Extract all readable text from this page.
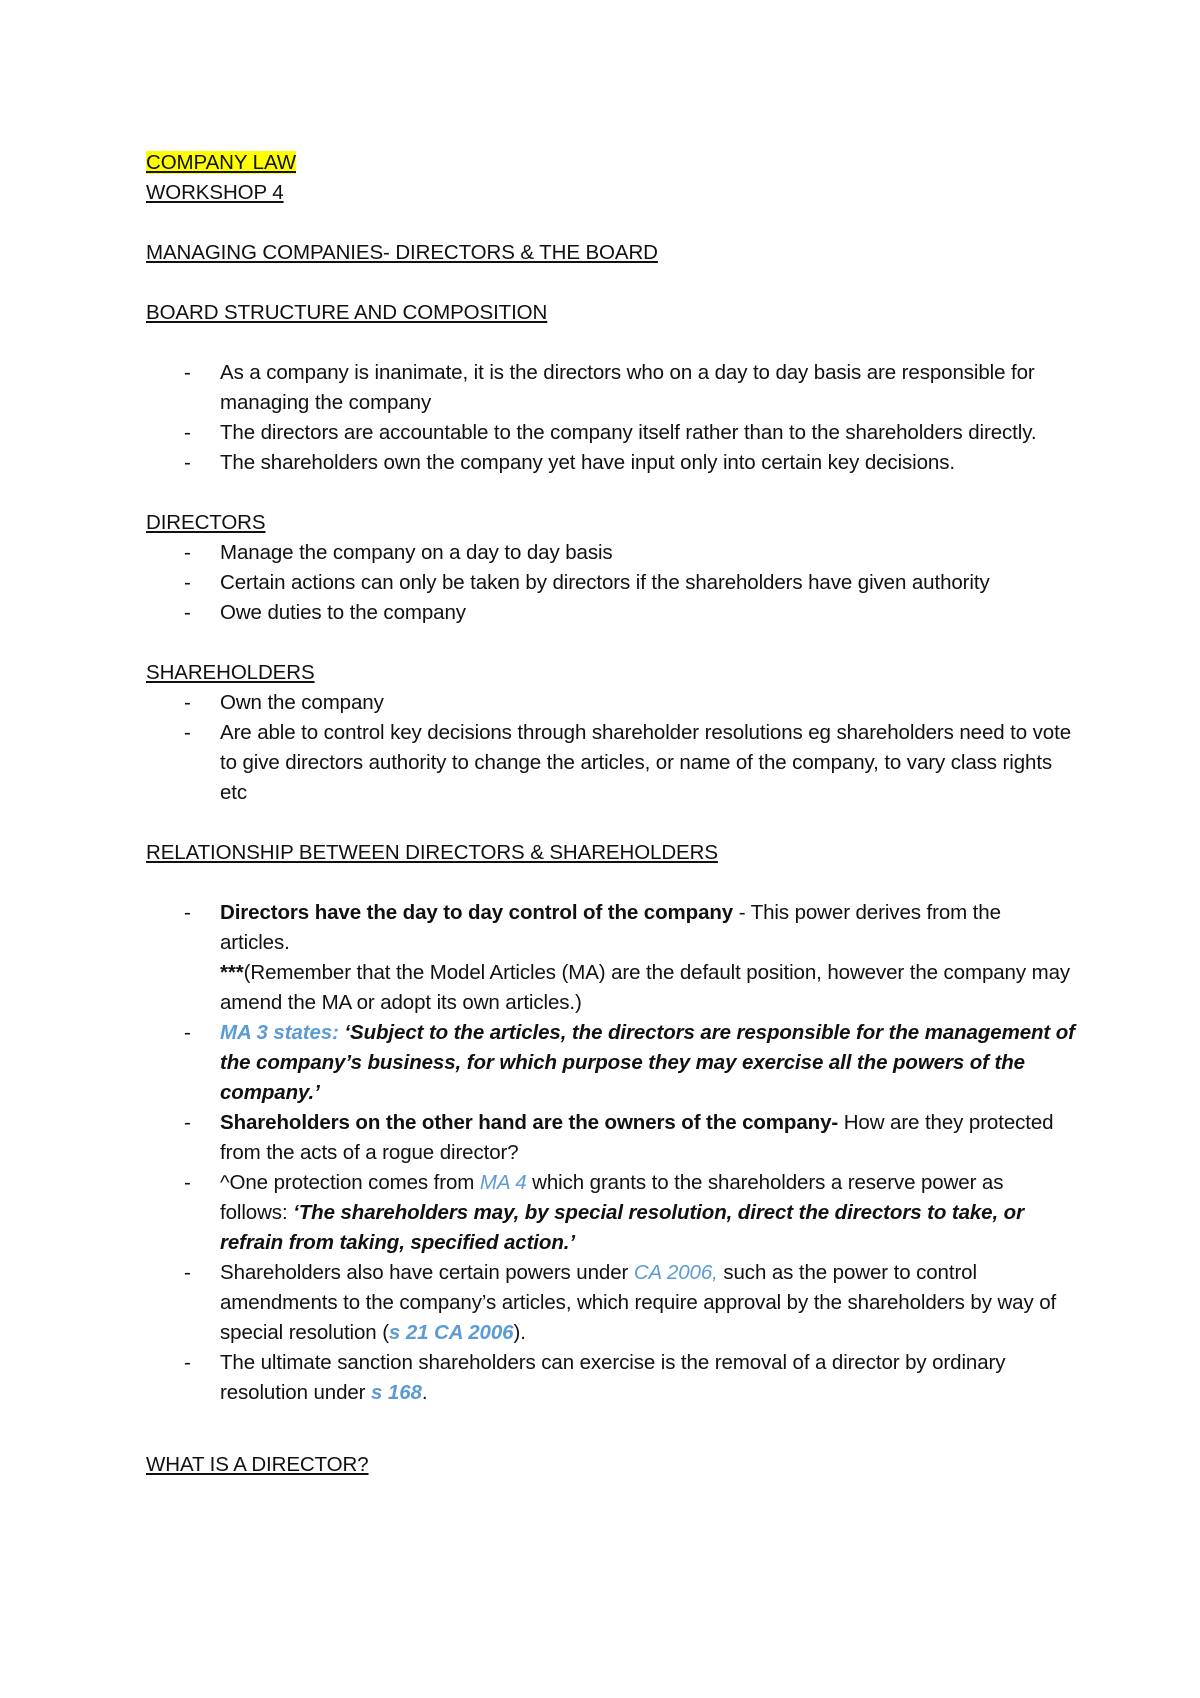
COMPANY LAW
WORKSHOP 4
MANAGING COMPANIES- DIRECTORS & THE BOARD
BOARD STRUCTURE AND COMPOSITION
- As a company is inanimate, it is the directors who on a day to day basis are responsible for managing the company
- The directors are accountable to the company itself rather than to the shareholders directly.
- The shareholders own the company yet have input only into certain key decisions.
DIRECTORS
- Manage the company on a day to day basis
- Certain actions can only be taken by directors if the shareholders have given authority
- Owe duties to the company
SHAREHOLDERS
- Own the company
- Are able to control key decisions through shareholder resolutions eg shareholders need to vote to give directors authority to change the articles, or name of the company, to vary class rights etc
RELATIONSHIP BETWEEN DIRECTORS & SHAREHOLDERS
- Directors have the day to day control of the company - This power derives from the articles.
***(Remember that the Model Articles (MA) are the default position, however the company may amend the MA or adopt its own articles.)
- MA 3 states: ‘Subject to the articles, the directors are responsible for the management of the company’s business, for which purpose they may exercise all the powers of the company.’
- Shareholders on the other hand are the owners of the company- How are they protected from the acts of a rogue director?
- ^One protection comes from MA 4 which grants to the shareholders a reserve power as follows: ‘The shareholders may, by special resolution, direct the directors to take, or refrain from taking, specified action.’
- Shareholders also have certain powers under CA 2006, such as the power to control amendments to the company’s articles, which require approval by the shareholders by way of special resolution (s 21 CA 2006).
- The ultimate sanction shareholders can exercise is the removal of a director by ordinary resolution under s 168.
WHAT IS A DIRECTOR?
